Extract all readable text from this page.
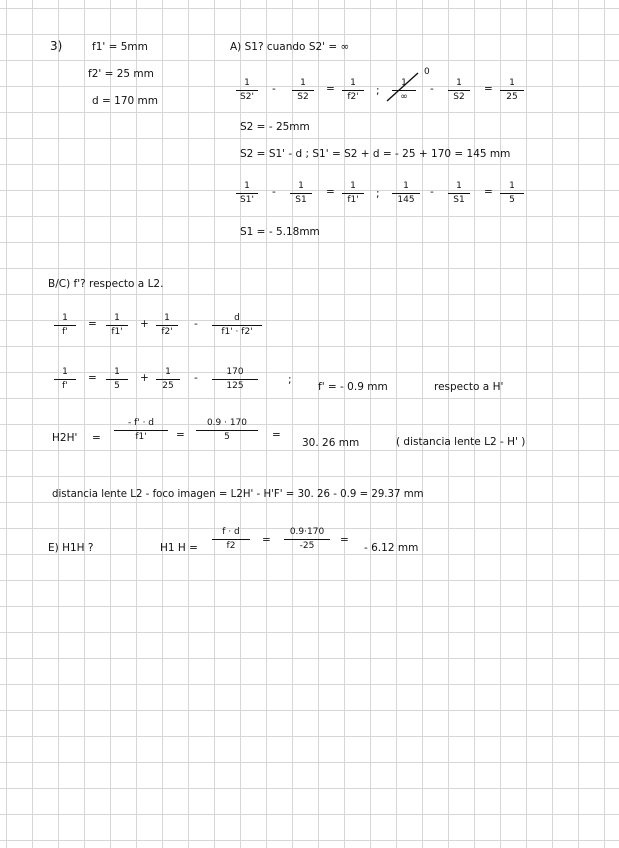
3)	f1' = 5mm
f2' = 25 mm
d = 170 mm
A) S1? cuando S2' = ∞
1
S2'
-	1
S2
= 1
f2'
;
1
∞
0
- 1
S2
= 1
25
S2 = - 25mm
S2 = S1' - d ; S1' = S2 + d = - 25 + 170 = 145 mm
1
S1'
- 1
S1
= 1
f1'
;
1
145
- 1
S1
= 1
5
S1 = - 5.18mm
B/C) f'? respecto a L2.
1
f'
= 1
f1'
+ 1
f2'
-	d
f1' · f2'
1
f'
= 1
5
+ 1
25
-	170
125
;
f' = - 0.9 mm	respecto a H'
H2H' =
- f' · d
f1'	=
0.9 · 170
5	=
30. 26 mm	( distancia lente L2 - H' )
distancia lente L2 - foco imagen = L2H' - H'F' = 30. 26 - 0.9 = 29.37 mm
E) H1H ?	H1 H =
f · d
f2
=
0.9·170
-25
=
- 6.12 mm
